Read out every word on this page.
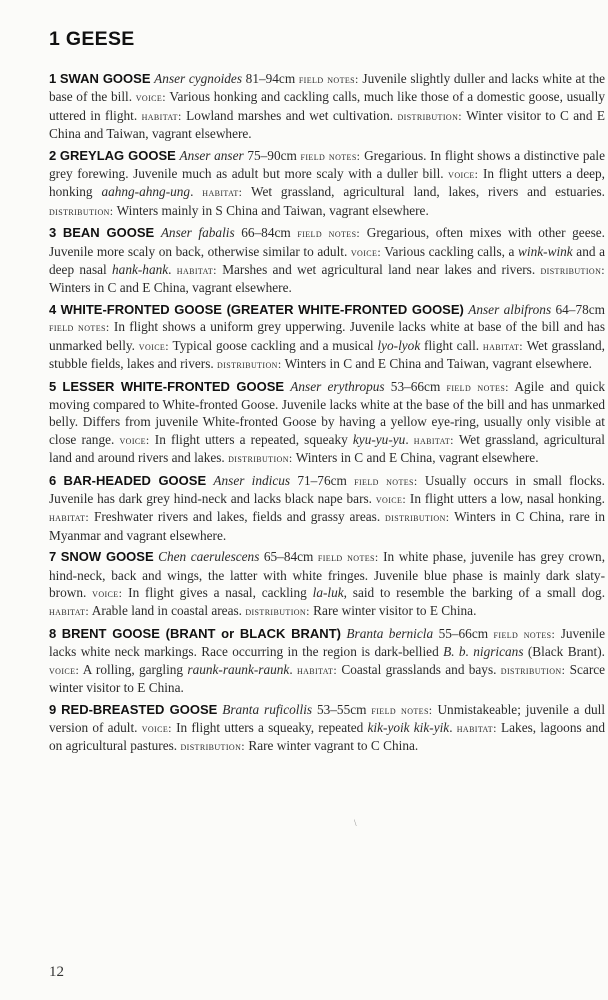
1 GEESE

1 SWAN GOOSE Anser cygnoides 81–94cm field notes: Juvenile slightly duller and lacks white at the base of the bill. voice: Various honking and cackling calls, much like those of a domestic goose, usually uttered in flight. habitat: Lowland marshes and wet cultivation. distribution: Winter visitor to C and E China and Taiwan, vagrant elsewhere.

2 GREYLAG GOOSE Anser anser 75–90cm field notes: Gregarious. In flight shows a distinctive pale grey forewing. Juvenile much as adult but more scaly with a duller bill. voice: In flight utters a deep, honking aahng-ahng-ung. habitat: Wet grassland, agricultural land, lakes, rivers and estuaries. distribution: Winters mainly in S China and Taiwan, vagrant elsewhere.

3 BEAN GOOSE Anser fabalis 66–84cm field notes: Gregarious, often mixes with other geese. Juvenile more scaly on back, otherwise similar to adult. voice: Various cackling calls, a wink-wink and a deep nasal hank-hank. habitat: Marshes and wet agricultural land near lakes and rivers. distribution: Winters in C and E China, vagrant elsewhere.

4 WHITE-FRONTED GOOSE (GREATER WHITE-FRONTED GOOSE) Anser albifrons 64–78cm field notes: In flight shows a uniform grey upperwing. Juvenile lacks white at base of the bill and has unmarked belly. voice: Typical goose cackling and a musical lyo-lyok flight call. habitat: Wet grassland, stubble fields, lakes and rivers. distribution: Winters in C and E China and Taiwan, vagrant elsewhere.

5 LESSER WHITE-FRONTED GOOSE Anser erythropus 53–66cm field notes: Agile and quick moving compared to White-fronted Goose. Juvenile lacks white at the base of the bill and has unmarked belly. Differs from juvenile White-fronted Goose by having a yellow eye-ring, usually only visible at close range. voice: In flight utters a repeated, squeaky kyu-yu-yu. habitat: Wet grassland, agricultural land and around rivers and lakes. distribution: Winters in C and E China, vagrant elsewhere.

6 BAR-HEADED GOOSE Anser indicus 71–76cm field notes: Usually occurs in small flocks. Juvenile has dark grey hind-neck and lacks black nape bars. voice: In flight utters a low, nasal honking. habitat: Freshwater rivers and lakes, fields and grassy areas. distribution: Winters in C China, rare in Myanmar and vagrant elsewhere.

7 SNOW GOOSE Chen caerulescens 65–84cm field notes: In white phase, juvenile has grey crown, hind-neck, back and wings, the latter with white fringes. Juvenile blue phase is mainly dark slaty-brown. voice: In flight gives a nasal, cackling la-luk, said to resemble the barking of a small dog. habitat: Arable land in coastal areas. distribution: Rare winter visitor to E China.

8 BRENT GOOSE (BRANT or BLACK BRANT) Branta bernicla 55–66cm field notes: Juvenile lacks white neck markings. Race occurring in the region is dark-bellied B. b. nigricans (Black Brant). voice: A rolling, gargling raunk-raunk-raunk. habitat: Coastal grasslands and bays. distribution: Scarce winter visitor to E China.

9 RED-BREASTED GOOSE Branta ruficollis 53–55cm field notes: Unmistakeable; juvenile a dull version of adult. voice: In flight utters a squeaky, repeated kik-yoik kik-yik. habitat: Lakes, lagoons and on agricultural pastures. distribution: Rare winter vagrant to C China.

\
12
